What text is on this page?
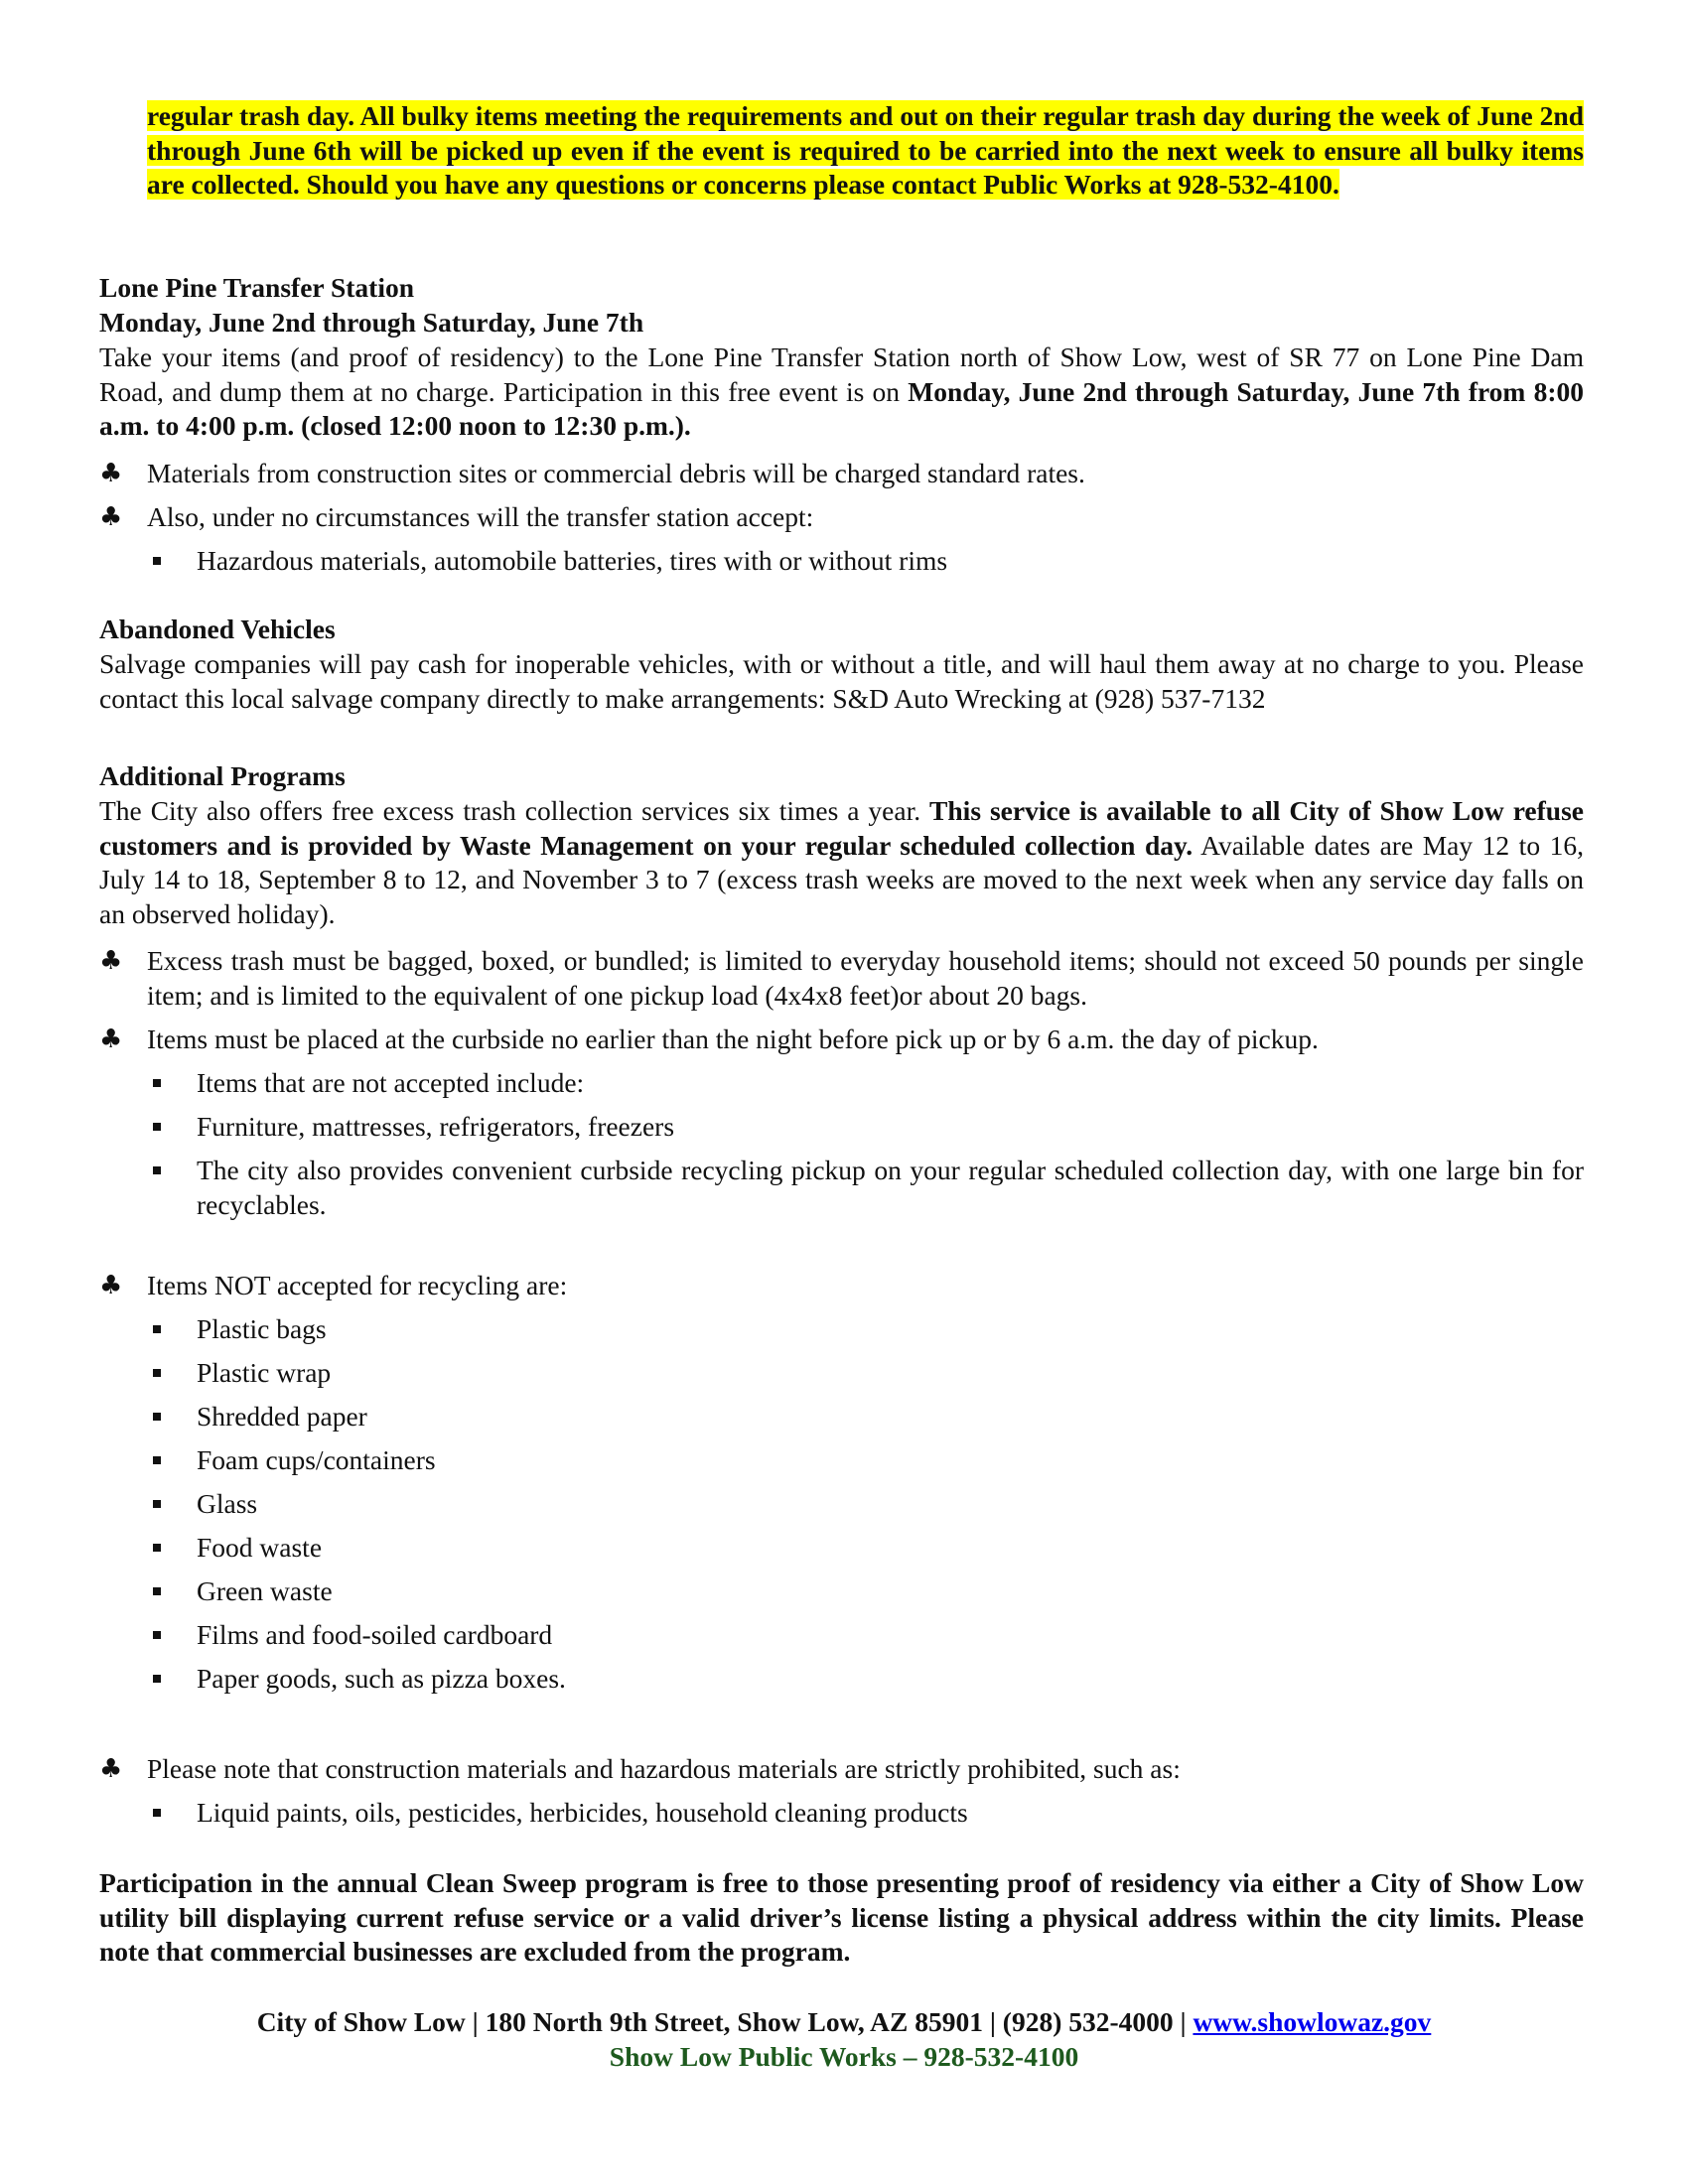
regular trash day. All bulky items meeting the requirements and out on their regular trash day during the week of June 2nd through June 6th will be picked up even if the event is required to be carried into the next week to ensure all bulky items are collected. Should you have any questions or concerns please contact Public Works at 928-532-4100.

Lone Pine Transfer Station

Monday, June 2nd through Saturday, June 7th

Take your items (and proof of residency) to the Lone Pine Transfer Station north of Show Low, west of SR 77 on Lone Pine Dam Road, and dump them at no charge. Participation in this free event is on Monday, June 2nd through Saturday, June 7th from 8:00 a.m. to 4:00 p.m. (closed 12:00 noon to 12:30 p.m.).

♣ Materials from construction sites or commercial debris will be charged standard rates.

♣ Also, under no circumstances will the transfer station accept:

Hazardous materials, automobile batteries, tires with or without rims

Abandoned Vehicles

Salvage companies will pay cash for inoperable vehicles, with or without a title, and will haul them away at no charge to you. Please contact this local salvage company directly to make arrangements: S&D Auto Wrecking at (928) 537-7132

Additional Programs

The City also offers free excess trash collection services six times a year. This service is available to all City of Show Low refuse customers and is provided by Waste Management on your regular scheduled collection day. Available dates are May 12 to 16, July 14 to 18, September 8 to 12, and November 3 to 7 (excess trash weeks are moved to the next week when any service day falls on an observed holiday).

♣ Excess trash must be bagged, boxed, or bundled; is limited to everyday household items; should not exceed 50 pounds per single item; and is limited to the equivalent of one pickup load (4x4x8 feet)or about 20 bags.

♣ Items must be placed at the curbside no earlier than the night before pick up or by 6 a.m. the day of pickup.

Items that are not accepted include:

Furniture, mattresses, refrigerators, freezers

The city also provides convenient curbside recycling pickup on your regular scheduled collection day, with one large bin for recyclables.

♣ Items NOT accepted for recycling are:

Plastic bags

Plastic wrap

Shredded paper

Foam cups/containers

Glass

Food waste

Green waste

Films and food-soiled cardboard

Paper goods, such as pizza boxes.

♣ Please note that construction materials and hazardous materials are strictly prohibited, such as:

Liquid paints, oils, pesticides, herbicides, household cleaning products

Participation in the annual Clean Sweep program is free to those presenting proof of residency via either a City of Show Low utility bill displaying current refuse service or a valid driver’s license listing a physical address within the city limits. Please note that commercial businesses are excluded from the program.

City of Show Low | 180 North 9th Street, Show Low, AZ 85901 | (928) 532-4000 | www.showlowaz.gov

Show Low Public Works – 928-532-4100
